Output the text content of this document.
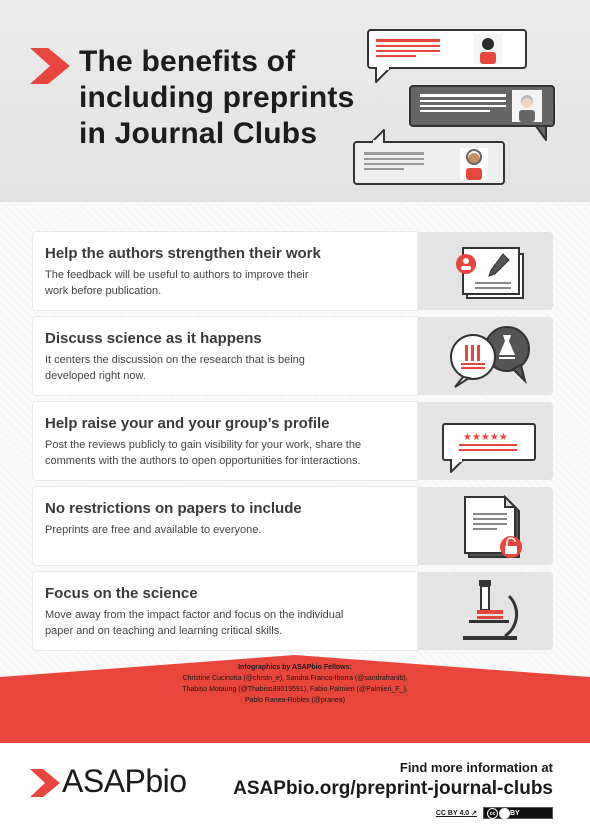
The benefits of
including preprints
in Journal Clubs
Help the authors strengthen their work
The feedback will be useful to authors to improve their
work before publication.
Discuss science as it happens
It centers the discussion on the research that is being
developed right now.
Help raise your and your group’s profile
Post the reviews publicly to gain visibility for your work, share the
comments with the authors to open opportunities for interactions.
★★★★★
No restrictions on papers to include
Preprints are free and available to everyone.
Focus on the science
Move away from the impact factor and focus on the individual
paper and on teaching and learning critical skills.
Infographics by ASAPbio Fellows:
Christine Cucinotta (@chrstn_e), Sandra Franco-Iborra (@sandrafranib),
Thabiso Motaung (@Thabiso39019591), Fabio Palmieri (@Palmieri_F_),
Pablo Ranea-Robles (@pranea)
ASAPbio	Find more information at
ASAPbio.org/preprint-journal-clubs
CC BY 4.0 ↗	cc	BY
